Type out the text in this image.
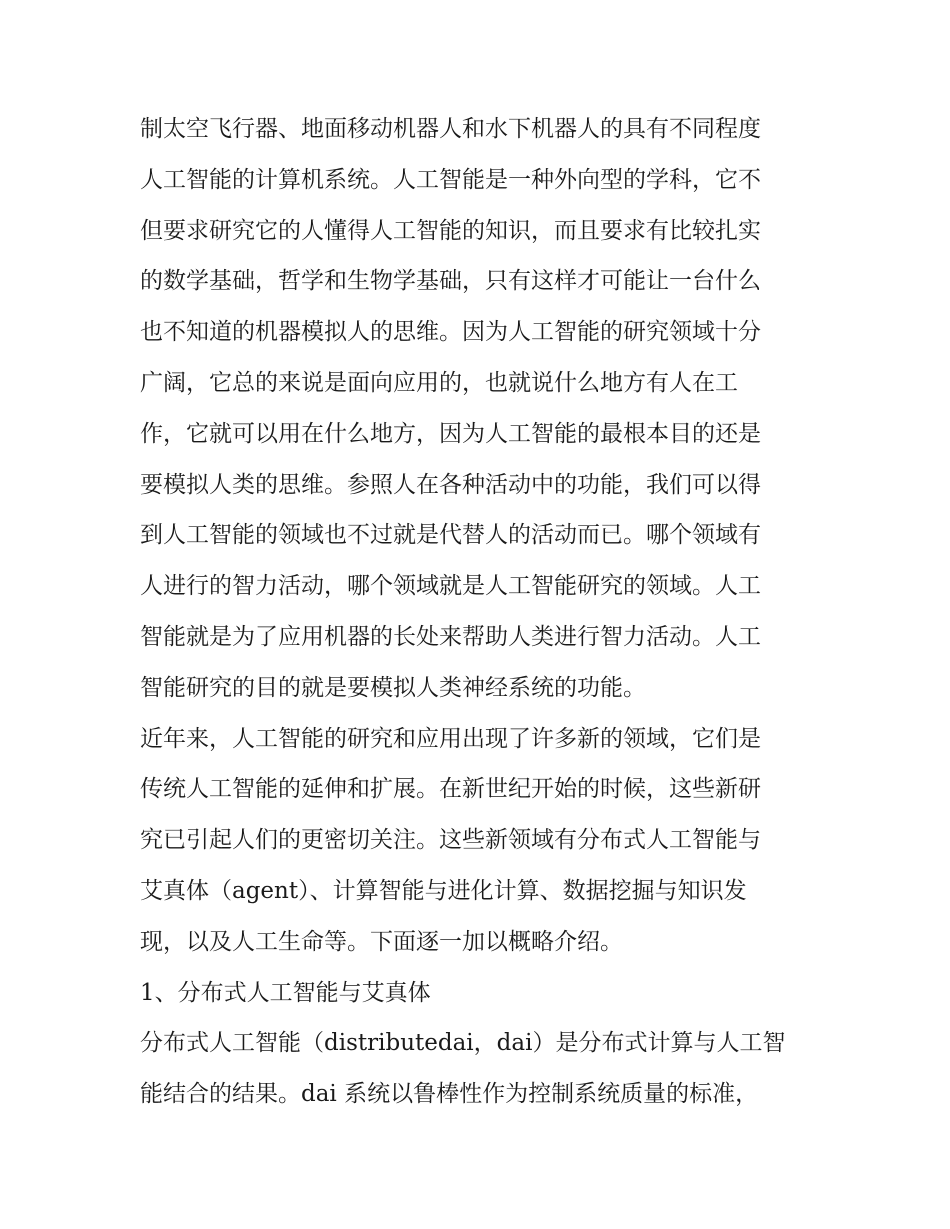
制太空飞行器、地面移动机器人和水下机器人的具有不同程度
人工智能的计算机系统。人工智能是一种外向型的学科，它不
但要求研究它的人懂得人工智能的知识，而且要求有比较扎实
的数学基础，哲学和生物学基础，只有这样才可能让一台什么
也不知道的机器模拟人的思维。因为人工智能的研究领域十分
广阔，它总的来说是面向应用的，也就说什么地方有人在工
作，它就可以用在什么地方，因为人工智能的最根本目的还是
要模拟人类的思维。参照人在各种活动中的功能，我们可以得
到人工智能的领域也不过就是代替人的活动而已。哪个领域有
人进行的智力活动，哪个领域就是人工智能研究的领域。人工
智能就是为了应用机器的长处来帮助人类进行智力活动。人工
智能研究的目的就是要模拟人类神经系统的功能。
近年来，人工智能的研究和应用出现了许多新的领域，它们是
传统人工智能的延伸和扩展。在新世纪开始的时候，这些新研
究已引起人们的更密切关注。这些新领域有分布式人工智能与
艾真体（agent）、计算智能与进化计算、数据挖掘与知识发
现，以及人工生命等。下面逐一加以概略介绍。
1、分布式人工智能与艾真体
分布式人工智能（distributedai，dai）是分布式计算与人工智
能结合的结果。dai 系统以鲁棒性作为控制系统质量的标准，
